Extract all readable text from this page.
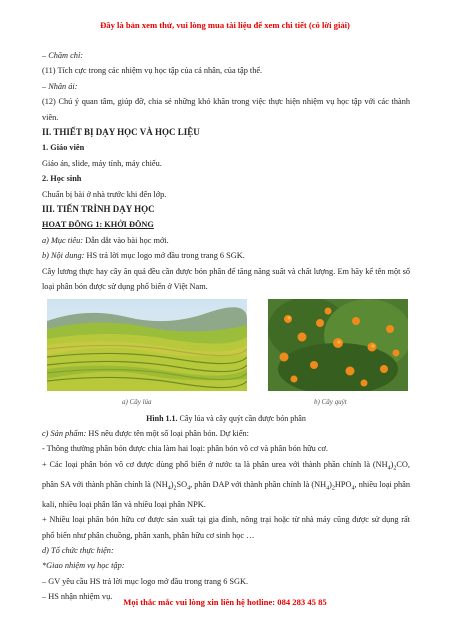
Đây là bản xem thử, vui lòng mua tài liệu để xem chi tiết (có lời giải)
– Chăm chỉ:
(11) Tích cực trong các nhiệm vụ học tập của cá nhân, của tập thể.
– Nhân ái:
(12) Chú ý quan tâm, giúp đỡ, chia sẻ những khó khăn trong việc thực hiện nhiệm vụ học tập với các thành viên.
II. THIẾT BỊ DẠY HỌC VÀ HỌC LIỆU
1. Giáo viên
Giáo án, slide, máy tính, máy chiếu.
2. Học sinh
Chuẩn bị bài ở nhà trước khi đến lớp.
III. TIẾN TRÌNH DẠY HỌC
HOẠT ĐỘNG 1: KHỞI ĐỘNG
a) Mục tiêu: Dẫn dắt vào bài học mới.
b) Nội dung: HS trả lời mục logo mở đầu trong trang 6 SGK.
Cây lương thực hay cây ăn quả đều cần được bón phân để tăng năng suất và chất lượng. Em hãy kể tên một số loại phân bón được sử dụng phổ biến ở Việt Nam.
a) Cây lúa	b) Cây quýt
Hình 1.1. Cây lúa và cây quýt cần được bón phân
c) Sản phẩm: HS nêu được tên một số loại phân bón. Dự kiến:
- Thông thường phân bón được chia làm hai loại: phân bón vô cơ và phân bón hữu cơ.
+ Các loại phân bón vô cơ được dùng phổ biến ở nước ta là phân urea với thành phần chính là $(NH_4)_2CO$, phân SA với thành phần chính là $(NH_4)_2SO_4$, phân DAP với thành phần chính là $(NH_4)_2HPO_4$, nhiều loại phân kali, nhiều loại phân lân và nhiều loại phân NPK.
+ Nhiều loại phân bón hữu cơ được sản xuất tại gia đình, nông trại hoặc từ nhà máy cũng được sử dụng rất phổ biến như phân chuồng, phân xanh, phân hữu cơ sinh học …
d) Tổ chức thực hiện:
*Giao nhiệm vụ học tập:
– GV yêu cầu HS trả lời mục logo mở đầu trong trang 6 SGK.
– HS nhận nhiệm vụ.
Mọi thắc mắc vui lòng xin liên hệ hotline: 084 283 45 85
